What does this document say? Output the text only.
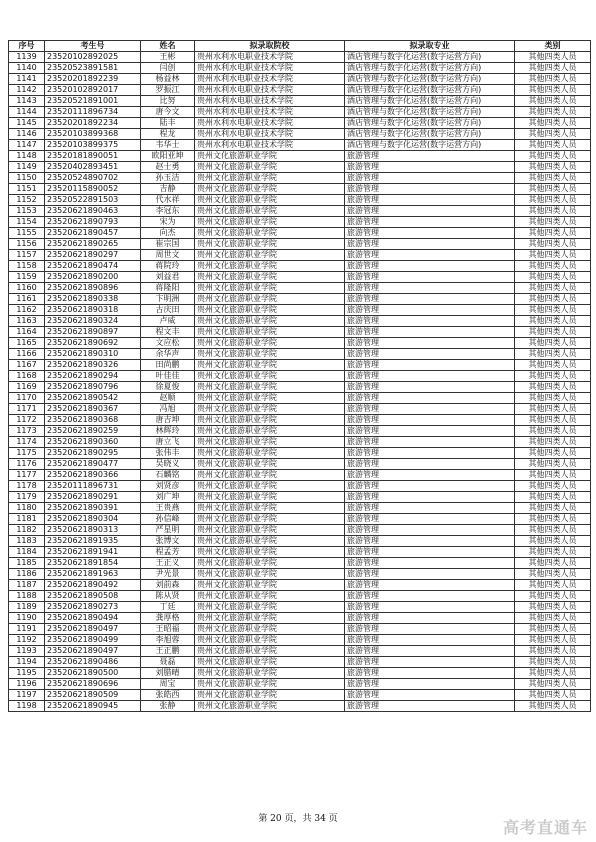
序号	考生号	姓名	拟录取院校	拟录取专业	类别
1139	23520102892025	王彬	贵州水利水电职业技术学院	酒店管理与数字化运营(数字运营方向)	其他四类人员
1140	23520523891581	闫创	贵州水利水电职业技术学院	酒店管理与数字化运营(数字运营方向)	其他四类人员
1141	23520201892239	杨益林	贵州水利水电职业技术学院	酒店管理与数字化运营(数字运营方向)	其他四类人员
1142	23520102892017	罗振江	贵州水利水电职业技术学院	酒店管理与数字化运营(数字运营方向)	其他四类人员
1143	23520521891001	比努	贵州水利水电职业技术学院	酒店管理与数字化运营(数字运营方向)	其他四类人员
1144	23520111896734	唐今文	贵州水利水电职业技术学院	酒店管理与数字化运营(数字运营方向)	其他四类人员
1145	23520201892234	陆丰	贵州水利水电职业技术学院	酒店管理与数字化运营(数字运营方向)	其他四类人员
1146	23520103899368	程龙	贵州水利水电职业技术学院	酒店管理与数字化运营(数字运营方向)	其他四类人员
1147	23520103899375	韦华士	贵州水利水电职业技术学院	酒店管理与数字化运营(数字运营方向)	其他四类人员
1148	23520181890051	欧阳亚坤	贵州文化旅游职业学院	旅游管理	其他四类人员
1149	23520402893451	赵士勇	贵州文化旅游职业学院	旅游管理	其他四类人员
1150	23520524890702	孙玉洁	贵州文化旅游职业学院	旅游管理	其他四类人员
1151	23520115890052	吉静	贵州文化旅游职业学院	旅游管理	其他四类人员
1152	23520522891503	代水祥	贵州文化旅游职业学院	旅游管理	其他四类人员
1153	23520621890463	李冠东	贵州文化旅游职业学院	旅游管理	其他四类人员
1154	23520621890793	宋为	贵州文化旅游职业学院	旅游管理	其他四类人员
1155	23520621890457	向杰	贵州文化旅游职业学院	旅游管理	其他四类人员
1156	23520621890265	崔宗国	贵州文化旅游职业学院	旅游管理	其他四类人员
1157	23520621890297	周世文	贵州文化旅游职业学院	旅游管理	其他四类人员
1158	23520621890474	蒋院玲	贵州文化旅游职业学院	旅游管理	其他四类人员
1159	23520621890200	刘益君	贵州文化旅游职业学院	旅游管理	其他四类人员
1160	23520621890896	蒋隆阳	贵州文化旅游职业学院	旅游管理	其他四类人员
1161	23520621890338	卞明洲	贵州文化旅游职业学院	旅游管理	其他四类人员
1162	23520621890318	古庆田	贵州文化旅游职业学院	旅游管理	其他四类人员
1163	23520621890324	卢威	贵州文化旅游职业学院	旅游管理	其他四类人员
1164	23520621890897	程文丰	贵州文化旅游职业学院	旅游管理	其他四类人员
1165	23520621890692	文应松	贵州文化旅游职业学院	旅游管理	其他四类人员
1166	23520621890310	余华声	贵州文化旅游职业学院	旅游管理	其他四类人员
1167	23520621890326	田尚鹏	贵州文化旅游职业学院	旅游管理	其他四类人员
1168	23520621890294	叶佳佳	贵州文化旅游职业学院	旅游管理	其他四类人员
1169	23520621890796	徐夏俊	贵州文化旅游职业学院	旅游管理	其他四类人员
1170	23520621890542	赵顺	贵州文化旅游职业学院	旅游管理	其他四类人员
1171	23520621890367	冯旭	贵州文化旅游职业学院	旅游管理	其他四类人员
1172	23520621890368	唐吉坤	贵州文化旅游职业学院	旅游管理	其他四类人员
1173	23520621890259	林辉玲	贵州文化旅游职业学院	旅游管理	其他四类人员
1174	23520621890360	唐立飞	贵州文化旅游职业学院	旅游管理	其他四类人员
1175	23520621890295	张伟丰	贵州文化旅游职业学院	旅游管理	其他四类人员
1176	23520621890477	吴晓义	贵州文化旅游职业学院	旅游管理	其他四类人员
1177	23520621890366	石麟铭	贵州文化旅游职业学院	旅游管理	其他四类人员
1178	23520111896731	刘贤彦	贵州文化旅游职业学院	旅游管理	其他四类人员
1179	23520621890291	刘广坤	贵州文化旅游职业学院	旅游管理	其他四类人员
1180	23520621890391	王贵燕	贵州文化旅游职业学院	旅游管理	其他四类人员
1181	23520621890304	孙信峰	贵州文化旅游职业学院	旅游管理	其他四类人员
1182	23520621890313	严星明	贵州文化旅游职业学院	旅游管理	其他四类人员
1183	23520621891935	张博文	贵州文化旅游职业学院	旅游管理	其他四类人员
1184	23520621891941	程孟芳	贵州文化旅游职业学院	旅游管理	其他四类人员
1185	23520621891854	王正义	贵州文化旅游职业学院	旅游管理	其他四类人员
1186	23520621891963	尹光景	贵州文化旅游职业学院	旅游管理	其他四类人员
1187	23520621890492	刘前森	贵州文化旅游职业学院	旅游管理	其他四类人员
1188	23520621890508	陈从贤	贵州文化旅游职业学院	旅游管理	其他四类人员
1189	23520621890273	丁廷	贵州文化旅游职业学院	旅游管理	其他四类人员
1190	23520621890494	龚厚格	贵州文化旅游职业学院	旅游管理	其他四类人员
1191	23520621890497	王昭福	贵州文化旅游职业学院	旅游管理	其他四类人员
1192	23520621890499	李旭蓉	贵州文化旅游职业学院	旅游管理	其他四类人员
1193	23520621890497	王正鹏	贵州文化旅游职业学院	旅游管理	其他四类人员
1194	23520621890486	聂磊	贵州文化旅游职业学院	旅游管理	其他四类人员
1195	23520621890500	刘腊晴	贵州文化旅游职业学院	旅游管理	其他四类人员
1196	23520621890696	周宝	贵州文化旅游职业学院	旅游管理	其他四类人员
1197	23520621890509	张皓西	贵州文化旅游职业学院	旅游管理	其他四类人员
1198	23520621890945	张静	贵州文化旅游职业学院	旅游管理	其他四类人员
第 20 页，共 34 页	高考直通车
